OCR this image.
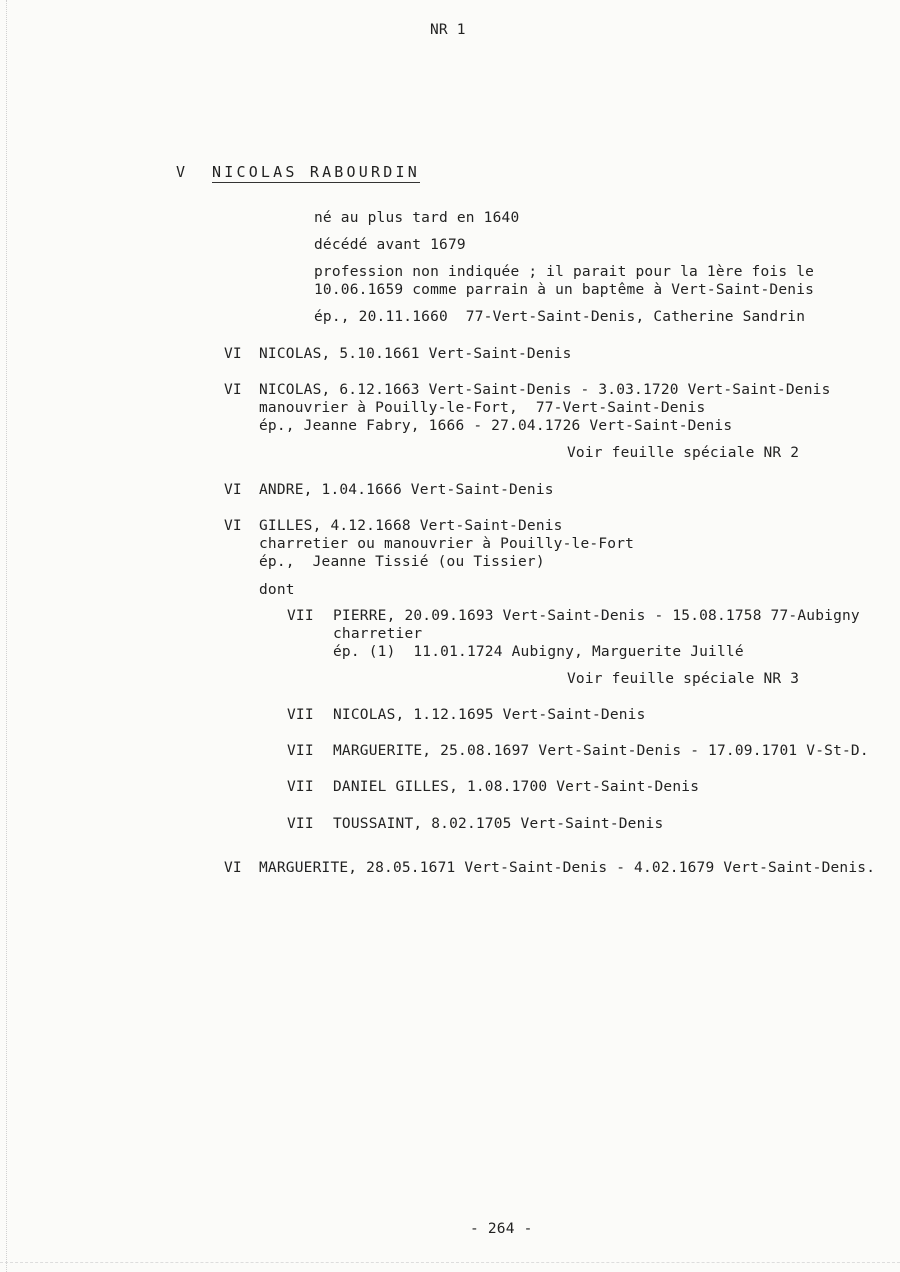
NR 1
V NICOLAS RABOURDIN
né au plus tard en 1640
décédé avant 1679
profession non indiquée ; il parait pour la 1ère fois le
10.06.1659 comme parrain à un baptême à Vert-Saint-Denis
ép., 20.11.1660  77-Vert-Saint-Denis, Catherine Sandrin
VI NICOLAS, 5.10.1661 Vert-Saint-Denis
VI NICOLAS, 6.12.1663 Vert-Saint-Denis - 3.03.1720 Vert-Saint-Denis
manouvrier à Pouilly-le-Fort,  77-Vert-Saint-Denis
ép., Jeanne Fabry, 1666 - 27.04.1726 Vert-Saint-Denis
Voir feuille spéciale NR 2
VI ANDRE, 1.04.1666 Vert-Saint-Denis
VI GILLES, 4.12.1668 Vert-Saint-Denis
charretier ou manouvrier à Pouilly-le-Fort
ép.,  Jeanne Tissié (ou Tissier)
dont
VII PIERRE, 20.09.1693 Vert-Saint-Denis - 15.08.1758 77-Aubigny
charretier
ép. (1)  11.01.1724 Aubigny, Marguerite Juillé
Voir feuille spéciale NR 3
VII NICOLAS, 1.12.1695 Vert-Saint-Denis
VII MARGUERITE, 25.08.1697 Vert-Saint-Denis - 17.09.1701 V-St-D.
VII DANIEL GILLES, 1.08.1700 Vert-Saint-Denis
VII TOUSSAINT, 8.02.1705 Vert-Saint-Denis
VI MARGUERITE, 28.05.1671 Vert-Saint-Denis - 4.02.1679 Vert-Saint-Denis.
- 264 -
